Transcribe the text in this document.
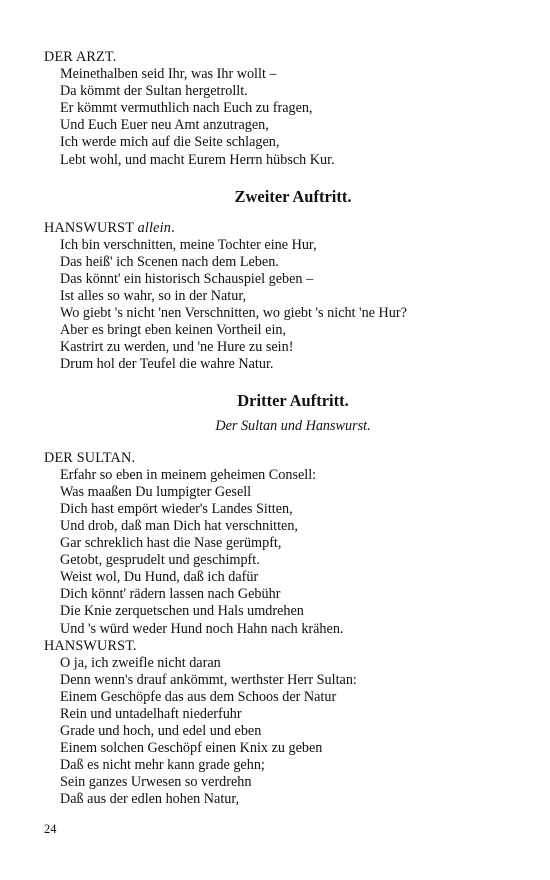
DER ARZT.
Meinethalben seid Ihr, was Ihr wollt –
Da kömmt der Sultan hergetrollt.
Er kömmt vermuthlich nach Euch zu fragen,
Und Euch Euer neu Amt anzutragen,
Ich werde mich auf die Seite schlagen,
Lebt wohl, und macht Eurem Herrn hübsch Kur.
Zweiter Auftritt.
HANSWURST allein.
Ich bin verschnitten, meine Tochter eine Hur,
Das heiß' ich Scenen nach dem Leben.
Das könnt' ein historisch Schauspiel geben –
Ist alles so wahr, so in der Natur,
Wo giebt 's nicht 'nen Verschnitten, wo giebt 's nicht 'ne Hur?
Aber es bringt eben keinen Vortheil ein,
Kastrirt zu werden, und 'ne Hure zu sein!
Drum hol der Teufel die wahre Natur.
Dritter Auftritt.
Der Sultan und Hanswurst.
DER SULTAN.
Erfahr so eben in meinem geheimen Consell:
Was maaßen Du lumpigter Gesell
Dich hast empört wieder's Landes Sitten,
Und drob, daß man Dich hat verschnitten,
Gar schreklich hast die Nase gerümpft,
Getobt, gesprudelt und geschimpft.
Weist wol, Du Hund, daß ich dafür
Dich könnt' rädern lassen nach Gebühr
Die Knie zerquetschen und Hals umdrehen
Und 's würd weder Hund noch Hahn nach krähen.
HANSWURST.
O ja, ich zweifle nicht daran
Denn wenn's drauf ankömmt, werthster Herr Sultan:
Einem Geschöpfe das aus dem Schoos der Natur
Rein und untadelhaft niederfuhr
Grade und hoch, und edel und eben
Einem solchen Geschöpf einen Knix zu geben
Daß es nicht mehr kann grade gehn;
Sein ganzes Urwesen so verdrehn
Daß aus der edlen hohen Natur,
24
